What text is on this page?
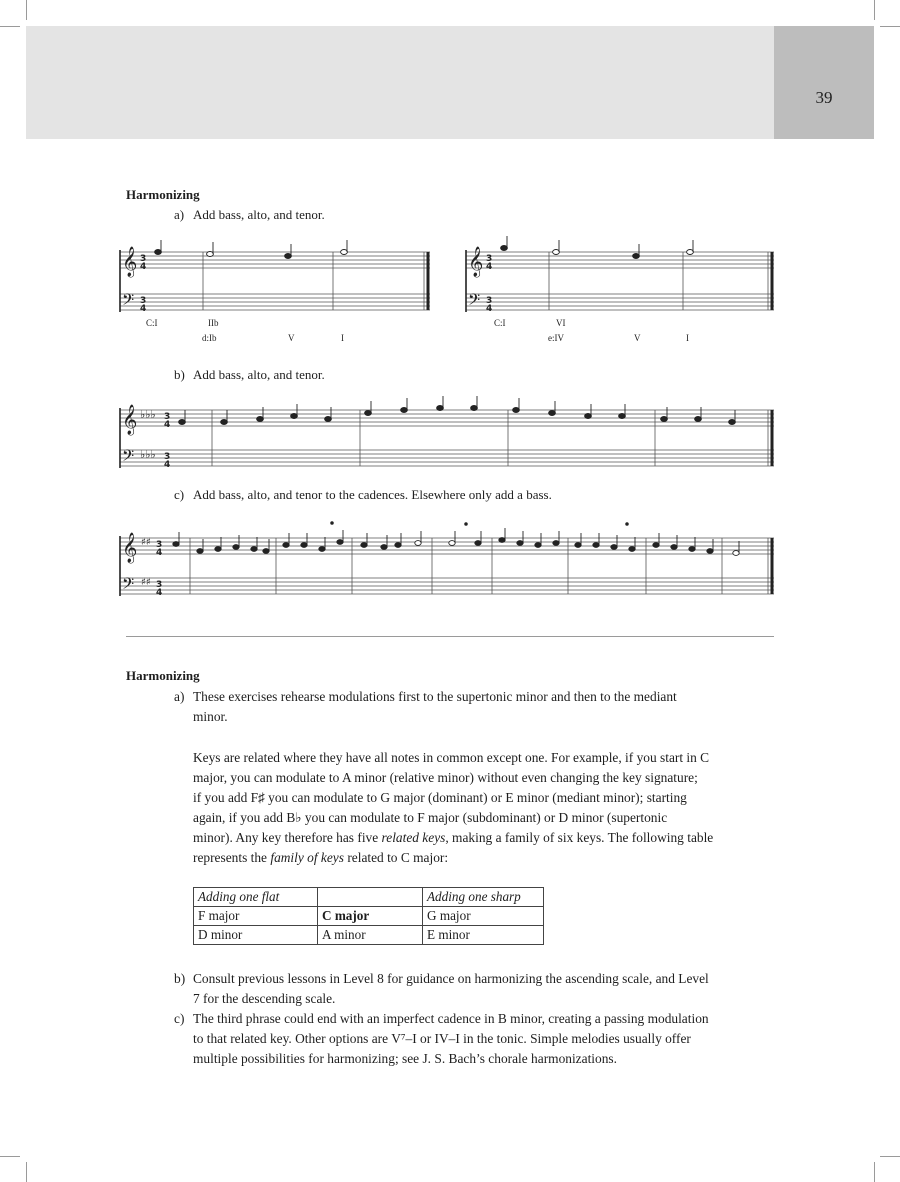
39
Harmonizing
a) Add bass, alto, and tenor.
𝄞
𝄢
3
4
3
4
𝄞
𝄢
3
4
3
4
𝄞
𝄢
♭♭♭
♭♭♭
3
4
3
4
𝄞
𝄢
♯♯
♯♯
3
4
3
4
C:I	IIb
d:Ib	V	I
C:I	VI
e:IV	V	I
b) Add bass, alto, and tenor.
c) Add bass, alto, and tenor to the cadences. Elsewhere only add a bass.
Harmonizing
a) These exercises rehearse modulations first to the supertonic minor and then to the mediant

minor.

Keys are related where they have all notes in common except one. For example, if you start in C

major, you can modulate to A minor (relative minor) without even changing the key signature;

if you add F♯ you can modulate to G major (dominant) or E minor (mediant minor); starting

again, if you add B♭ you can modulate to F major (subdominant) or D minor (supertonic

minor). Any key therefore has five related keys, making a family of six keys. The following table

represents the family of keys related to C major:

Adding one flat		Adding one sharp
F major	C major	G major
D minor	A minor	E minor
b) Consult previous lessons in Level 8 for guidance on harmonizing the ascending scale, and Level

7 for the descending scale.

c) The third phrase could end with an imperfect cadence in B minor, creating a passing modulation

to that related key. Other options are V⁷–I or IV–I in the tonic. Simple melodies usually offer

multiple possibilities for harmonizing; see J. S. Bach’s chorale harmonizations.
